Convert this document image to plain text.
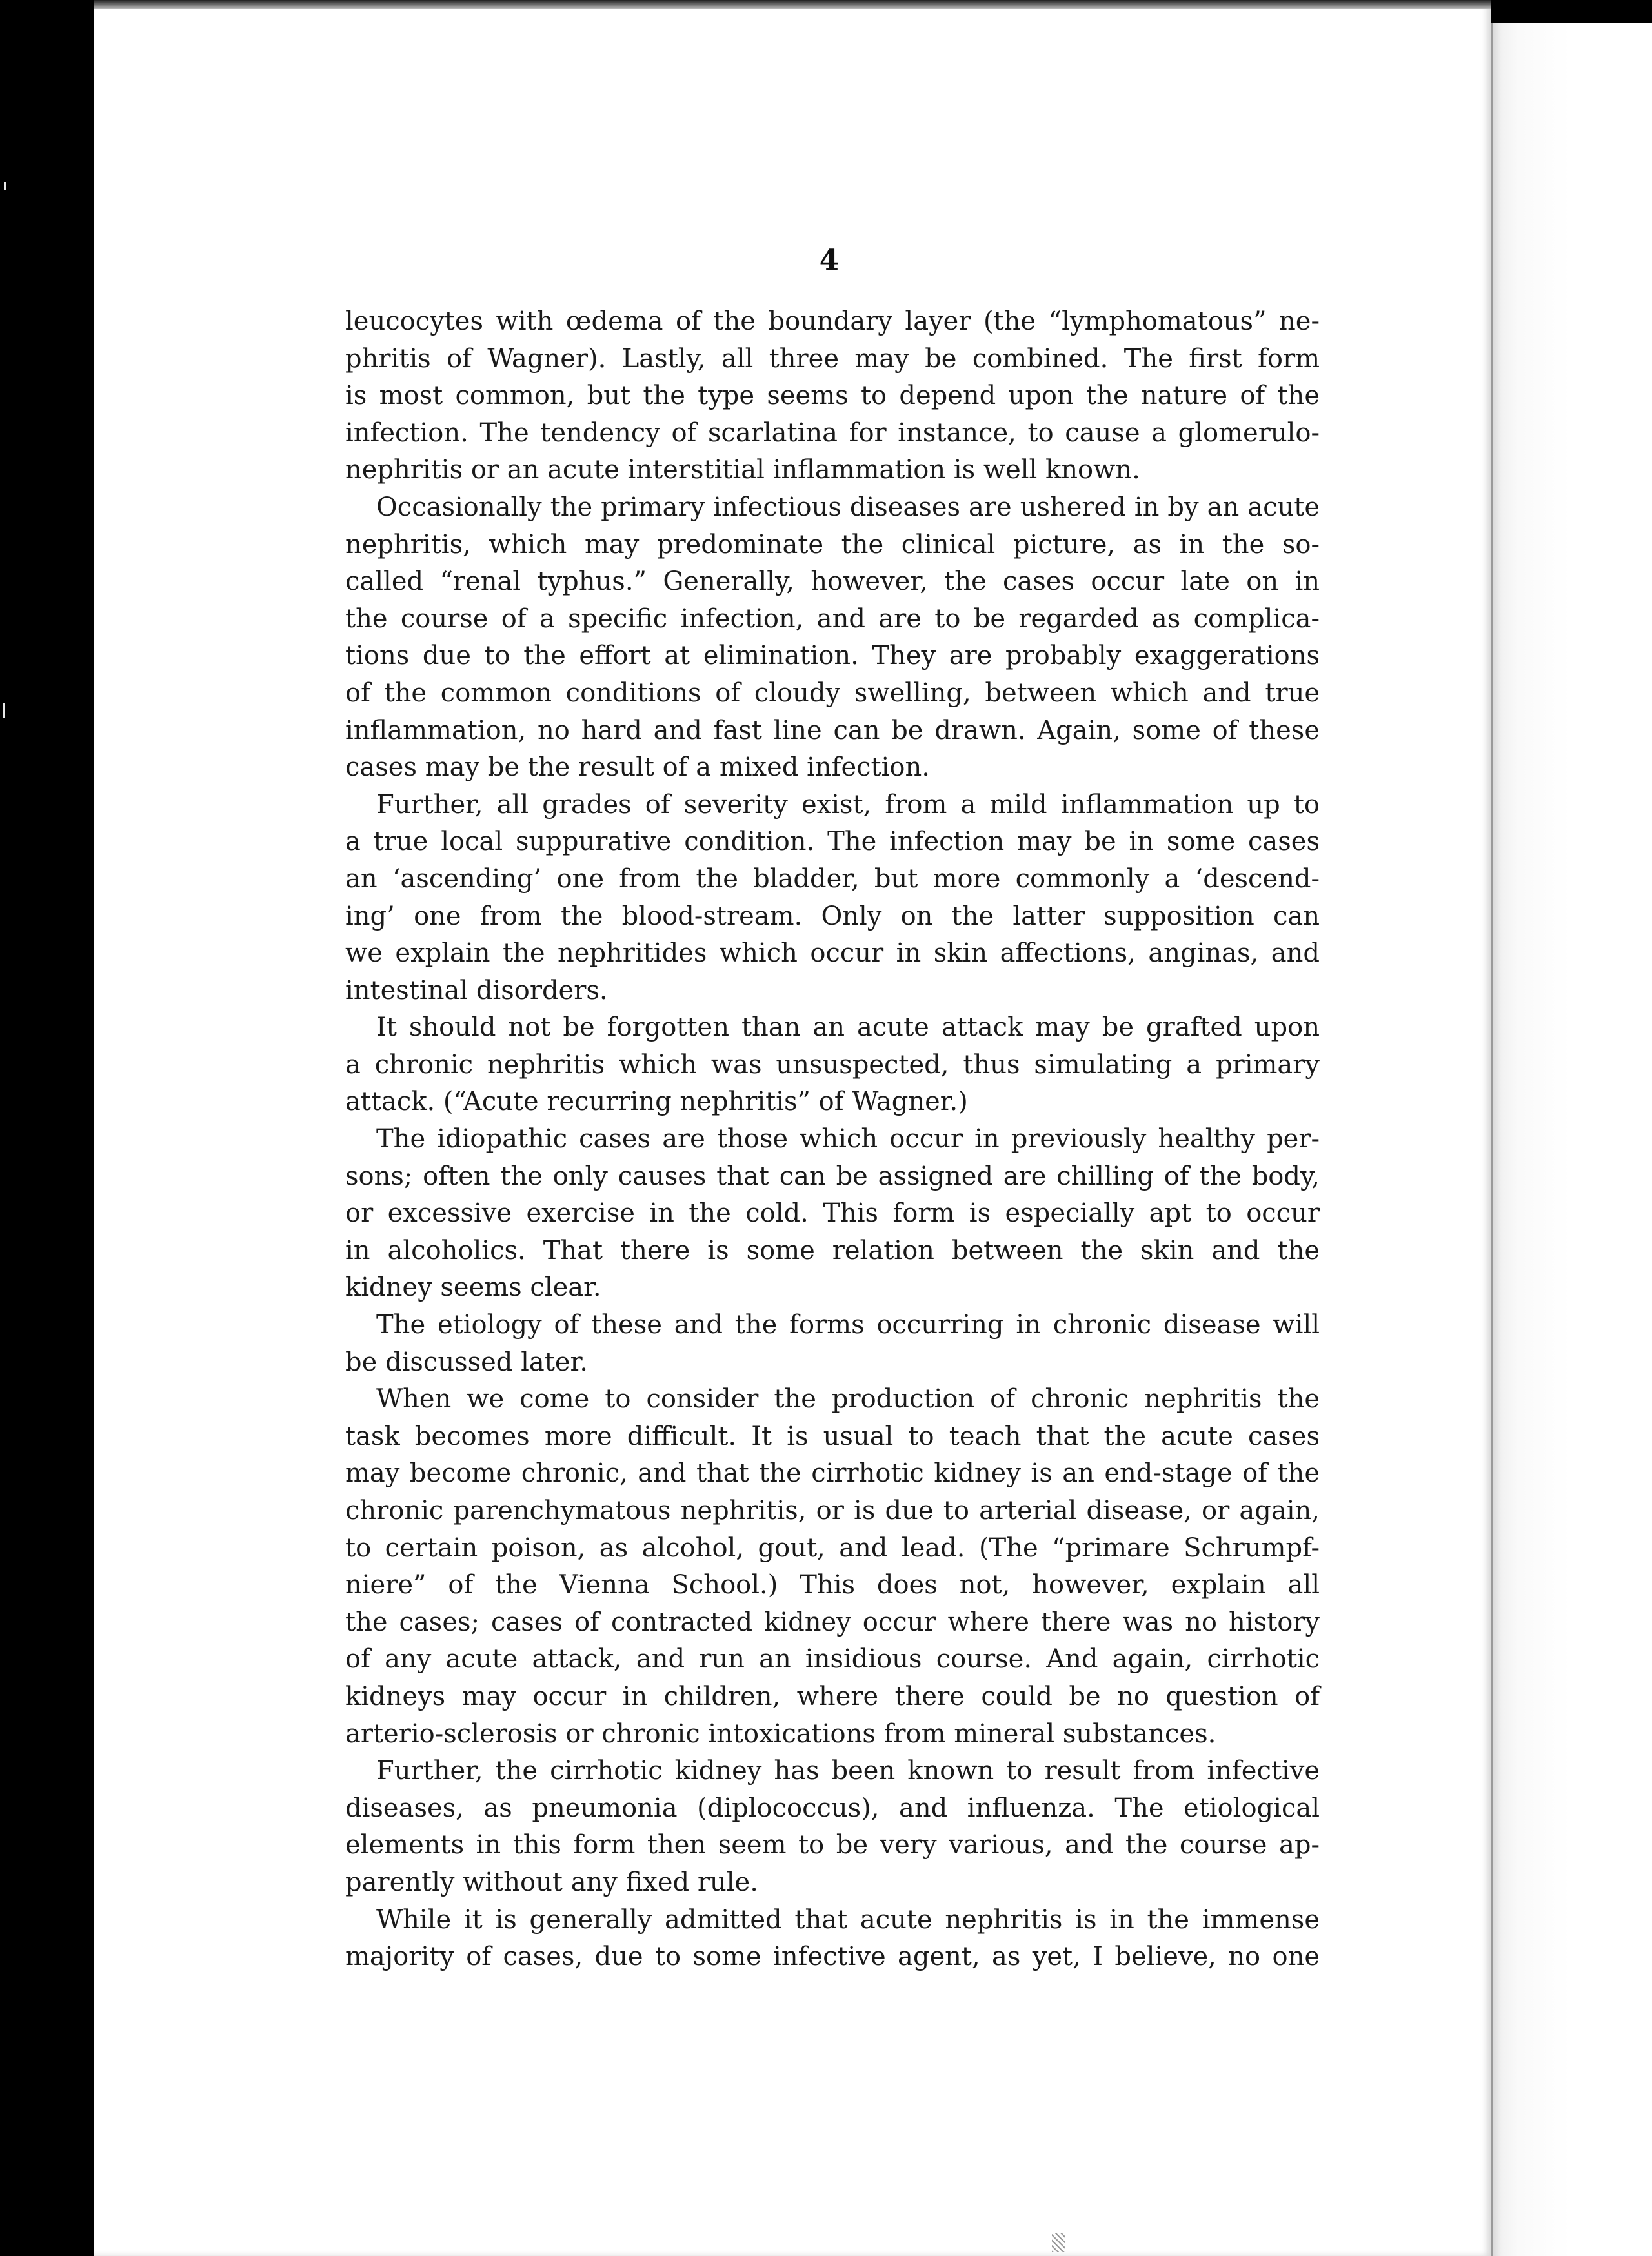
4
leucocytes with œdema of the boundary layer (the “lymphomatous” ne-
phritis of Wagner). Lastly, all three may be combined. The first form
is most common, but the type seems to depend upon the nature of the
infection. The tendency of scarlatina for instance, to cause a glomerulo-
nephritis or an acute interstitial inflammation is well known.
Occasionally the primary infectious diseases are ushered in by an acute
nephritis, which may predominate the clinical picture, as in the so-
called “renal typhus.” Generally, however, the cases occur late on in
the course of a specific infection, and are to be regarded as complica-
tions due to the effort at elimination. They are probably exaggerations
of the common conditions of cloudy swelling, between which and true
inflammation, no hard and fast line can be drawn. Again, some of these
cases may be the result of a mixed infection.
Further, all grades of severity exist, from a mild inflammation up to
a true local suppurative condition. The infection may be in some cases
an ‘ascending’ one from the bladder, but more commonly a ‘descend-
ing’ one from the blood-stream. Only on the latter supposition can
we explain the nephritides which occur in skin affections, anginas, and
intestinal disorders.
It should not be forgotten than an acute attack may be grafted upon
a chronic nephritis which was unsuspected, thus simulating a primary
attack. (“Acute recurring nephritis” of Wagner.)
The idiopathic cases are those which occur in previously healthy per-
sons; often the only causes that can be assigned are chilling of the body,
or excessive exercise in the cold. This form is especially apt to occur
in alcoholics. That there is some relation between the skin and the
kidney seems clear.
The etiology of these and the forms occurring in chronic disease will
be discussed later.
When we come to consider the production of chronic nephritis the
task becomes more difficult. It is usual to teach that the acute cases
may become chronic, and that the cirrhotic kidney is an end-stage of the
chronic parenchymatous nephritis, or is due to arterial disease, or again,
to certain poison, as alcohol, gout, and lead. (The “primare Schrumpf-
niere” of the Vienna School.) This does not, however, explain all
the cases; cases of contracted kidney occur where there was no history
of any acute attack, and run an insidious course. And again, cirrhotic
kidneys may occur in children, where there could be no question of
arterio-sclerosis or chronic intoxications from mineral substances.
Further, the cirrhotic kidney has been known to result from infective
diseases, as pneumonia (diplococcus), and influenza. The etiological
elements in this form then seem to be very various, and the course ap-
parently without any fixed rule.
While it is generally admitted that acute nephritis is in the immense
majority of cases, due to some infective agent, as yet, I believe, no one
